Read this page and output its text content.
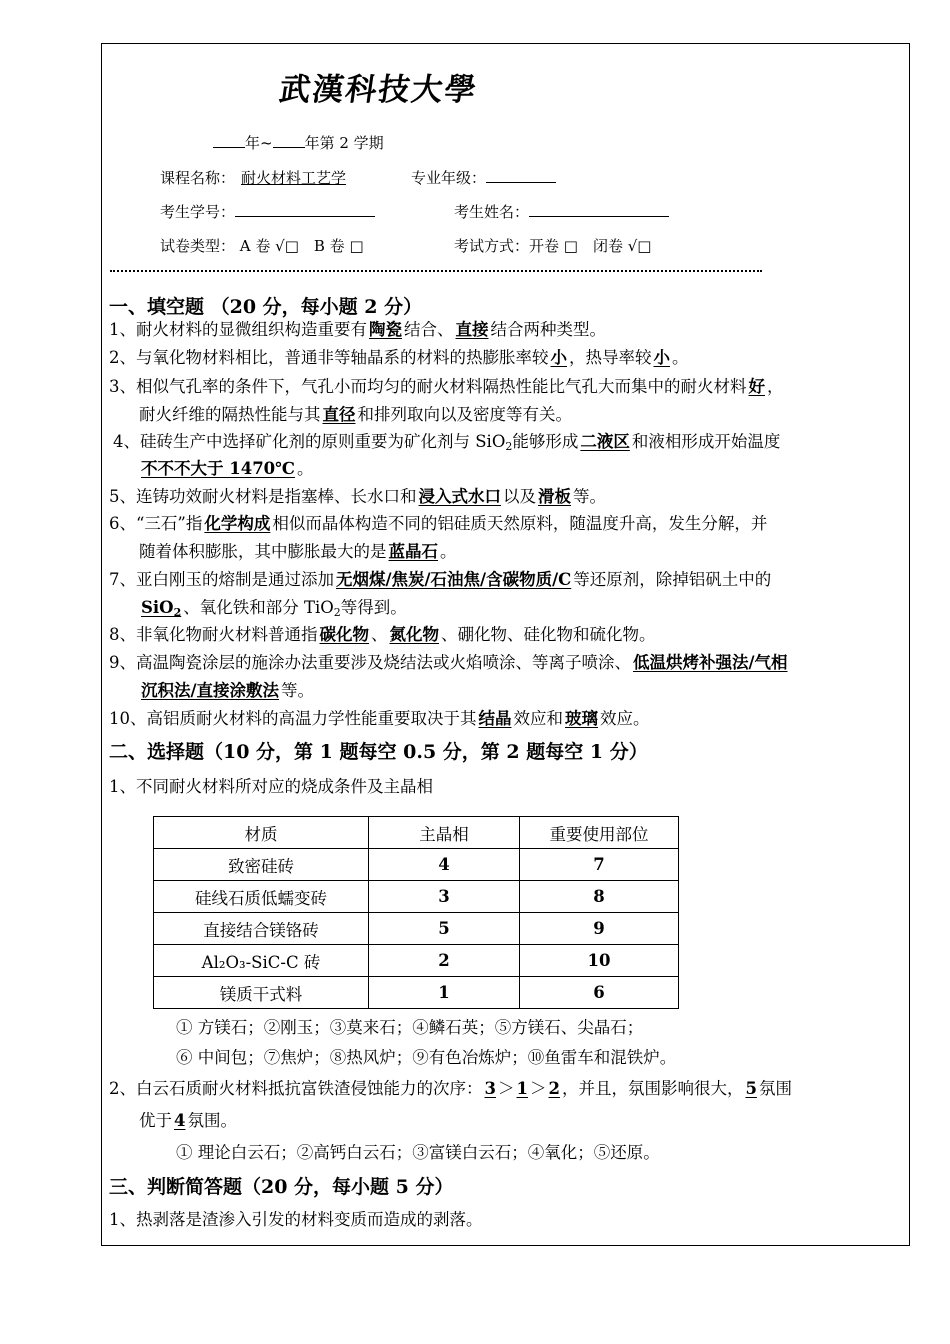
武漢科技大學
年~ 年第 2 学期
课程名称： 耐火材料工艺学	专业年级：
考生学号：	考生姓名：
试卷类型： A 卷 √□　B 卷 □	考试方式：开卷 □　闭卷 √□
一、填空题 （20 分，每小题 2 分）
1、耐火材料的显微组织构造重要有 陶瓷 结合、 直接 结合两种类型。
2、与氧化物材料相比，普通非等轴晶系的材料的热膨胀率较 小 ，热导率较 小 。
3、相似气孔率的条件下，气孔小而均匀的耐火材料隔热性能比气孔大而集中的耐火材料 好 ，
耐火纤维的隔热性能与其 直径 和排列取向以及密度等有关。
4、硅砖生产中选择矿化剂的原则重要为矿化剂与 SiO$_2$能够形成 二液区 和液相形成开始温度
不不不大于 1470℃ 。
5、连铸功效耐火材料是指塞棒、长水口和 浸入式水口 以及 滑板 等。
6、“三石”指 化学构成 相似而晶体构造不同的铝硅质天然原料，随温度升高，发生分解，并
随着体积膨胀，其中膨胀最大的是 蓝晶石 。
7、亚白刚玉的熔制是通过添加 无烟煤/焦炭/石油焦/含碳物质/C 等还原剂，除掉铝矾土中的
SiO$_2$ 、氧化铁和部分 TiO$_2$等得到。
8、非氧化物耐火材料普通指 碳化物 、 氮化物 、硼化物、硅化物和硫化物。
9、高温陶瓷涂层的施涂办法重要涉及烧结法或火焰喷涂、等离子喷涂、 低温烘烤补强法/气相
沉积法/直接涂敷法 等。
10、高铝质耐火材料的高温力学性能重要取决于其 结晶 效应和 玻璃 效应。
二、选择题（10 分，第 1 题每空 0.5 分，第 2 题每空 1 分）
1、不同耐火材料所对应的烧成条件及主晶相
材质	主晶相	重要使用部位
致密硅砖	4	7
硅线石质低蠕变砖	3	8
直接结合镁铬砖	5	9
Al₂O₃-SiC-C 砖	2	10
镁质干式料	1	6
① 方镁石；②刚玉；③莫来石；④鳞石英；⑤方镁石、尖晶石；
⑥ 中间包；⑦焦炉；⑧热风炉；⑨有色冶炼炉；⑩鱼雷车和混铁炉。
2、白云石质耐火材料抵抗富铁渣侵蚀能力的次序： 3 ＞ 1 ＞ 2 ，并且，氛围影响很大， 5 氛围
优于 4 氛围。
① 理论白云石；②高钙白云石；③富镁白云石；④氧化；⑤还原。
三、判断简答题（20 分，每小题 5 分）
1、热剥落是渣渗入引发的材料变质而造成的剥落。
